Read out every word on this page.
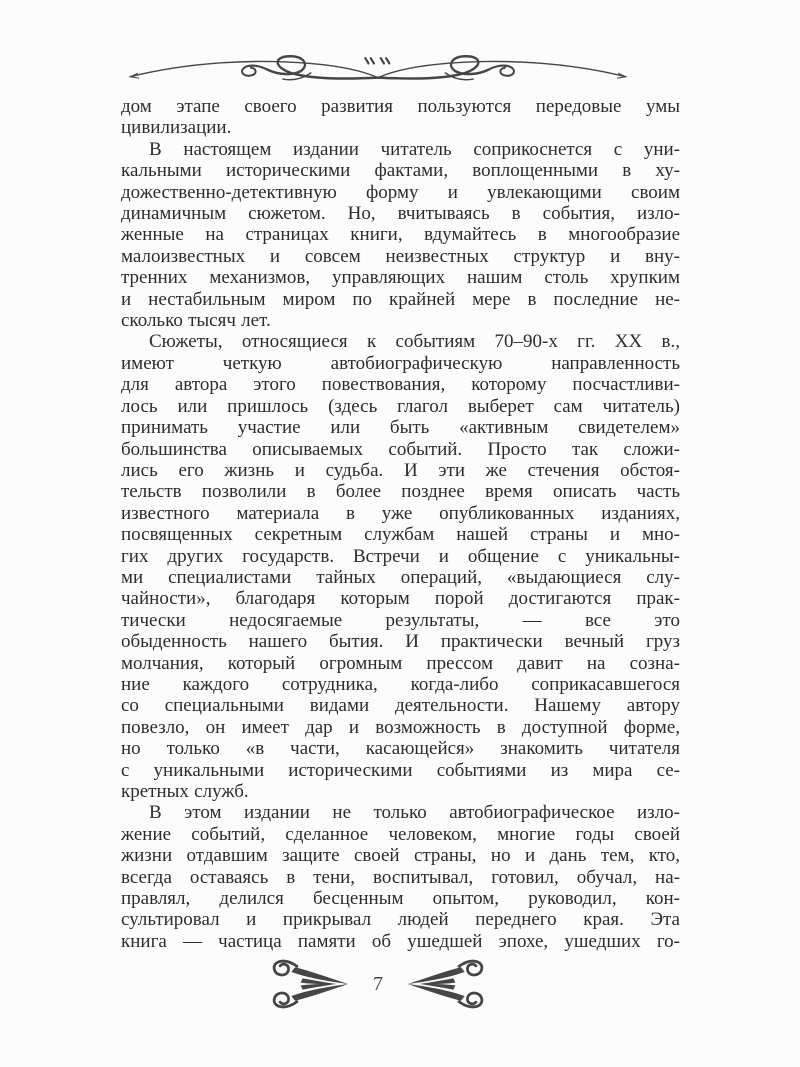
дом этапе своего развития пользуются передовые умы
цивилизации.
В настоящем издании читатель соприкоснется с уни-
кальными историческими фактами, воплощенными в ху-
дожественно-детективную форму и увлекающими своим
динамичным сюжетом. Но, вчитываясь в события, изло-
женные на страницах книги, вдумайтесь в многообразие
малоизвестных и совсем неизвестных структур и вну-
тренних механизмов, управляющих нашим столь хрупким
и нестабильным миром по крайней мере в последние не-
сколько тысяч лет.
Сюжеты, относящиеся к событиям 70–90-х гг. XX в.,
имеют четкую автобиографическую направленность
для автора этого повествования, которому посчастливи-
лось или пришлось (здесь глагол выберет сам читатель)
принимать участие или быть «активным свидетелем»
большинства описываемых событий. Просто так сложи-
лись его жизнь и судьба. И эти же стечения обстоя-
тельств позволили в более позднее время описать часть
известного материала в уже опубликованных изданиях,
посвященных секретным службам нашей страны и мно-
гих других государств. Встречи и общение с уникальны-
ми специалистами тайных операций, «выдающиеся слу-
чайности», благодаря которым порой достигаются прак-
тически недосягаемые результаты, — все это
обыденность нашего бытия. И практически вечный груз
молчания, который огромным прессом давит на созна-
ние каждого сотрудника, когда-либо соприкасавшегося
со специальными видами деятельности. Нашему автору
повезло, он имеет дар и возможность в доступной форме,
но только «в части, касающейся» знакомить читателя
с уникальными историческими событиями из мира се-
кретных служб.
В этом издании не только автобиографическое изло-
жение событий, сделанное человеком, многие годы своей
жизни отдавшим защите своей страны, но и дань тем, кто,
всегда оставаясь в тени, воспитывал, готовил, обучал, на-
правлял, делился бесценным опытом, руководил, кон-
сультировал и прикрывал людей переднего края. Эта
книга — частица памяти об ушедшей эпохе, ушедших го-
7
